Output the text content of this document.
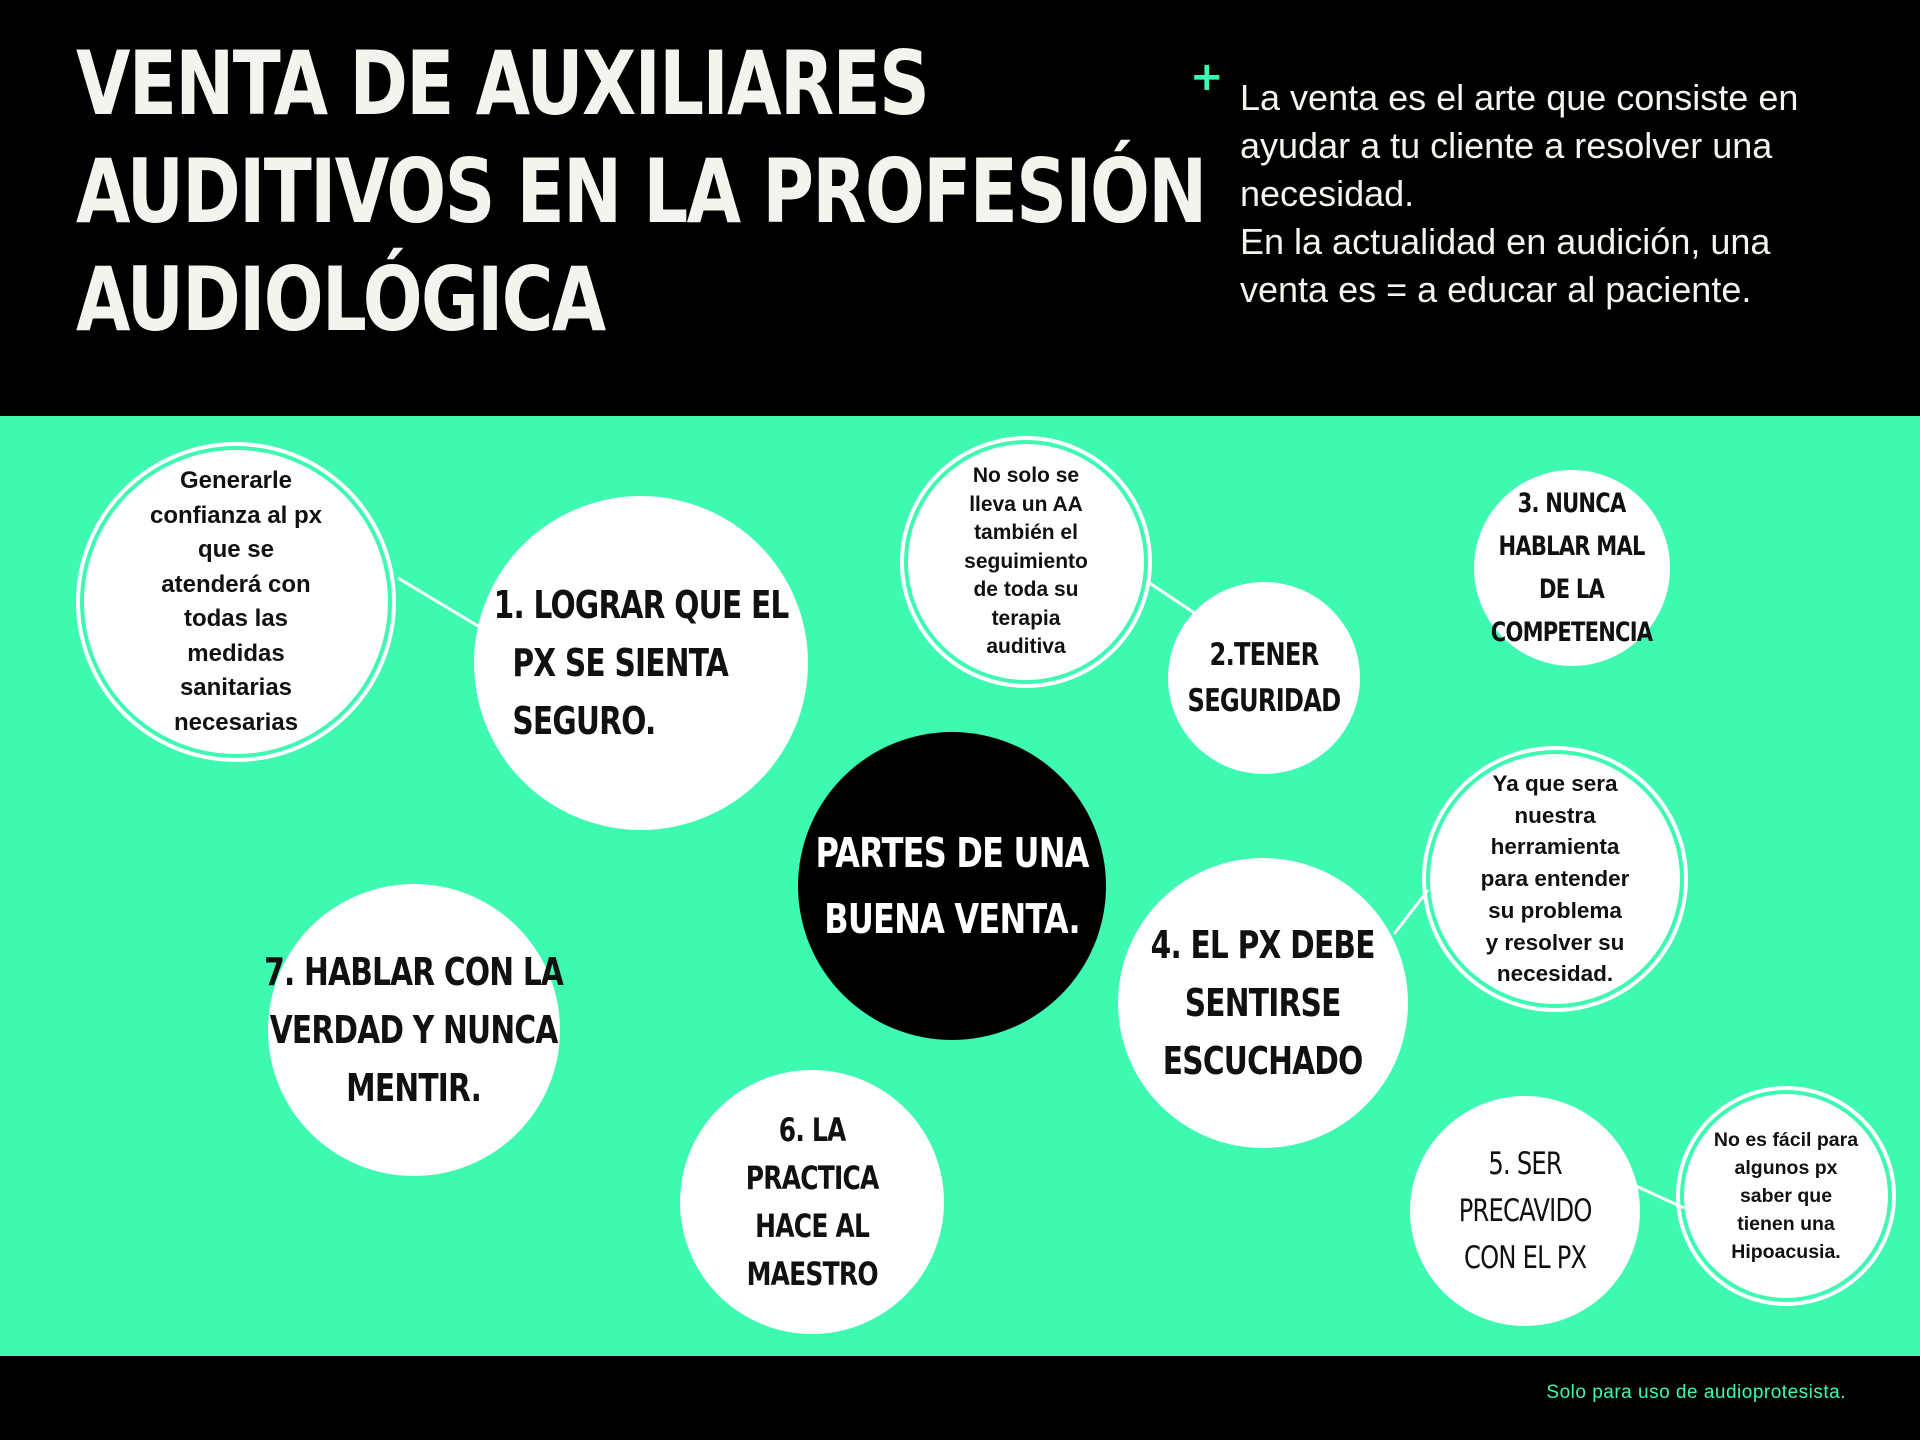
VENTA DE AUXILIARES
AUDITIVOS EN LA PROFESIÓN
AUDIOLÓGICA
+ La venta es el arte que consiste en
ayudar a tu cliente a resolver una
necesidad.
En la actualidad en audición, una
venta es = a educar al paciente.
Generarle
confianza al px
que se
atenderá con
todas las
medidas
sanitarias
necesarias
1. LOGRAR QUE EL
PX SE SIENTA
SEGURO.
No solo se
lleva un AA
también el
seguimiento
de toda su
terapia
auditiva	2.TENER
SEGURIDAD
3. NUNCA
HABLAR MAL
DE LA
COMPETENCIA
PARTES DE UNA
BUENA VENTA.
Ya que sera
nuestra
herramienta
para entender
su problema
y resolver su
necesidad.
4. EL PX DEBE
SENTIRSE
ESCUCHADO
7. HABLAR CON LA
VERDAD Y NUNCA
MENTIR.
6. LA
PRACTICA
HACE AL
MAESTRO
5. SER
PRECAVIDO
CON EL PX
No es fácil para
algunos px
saber que
tienen una
Hipoacusia.
Solo para uso de audioprotesista.
